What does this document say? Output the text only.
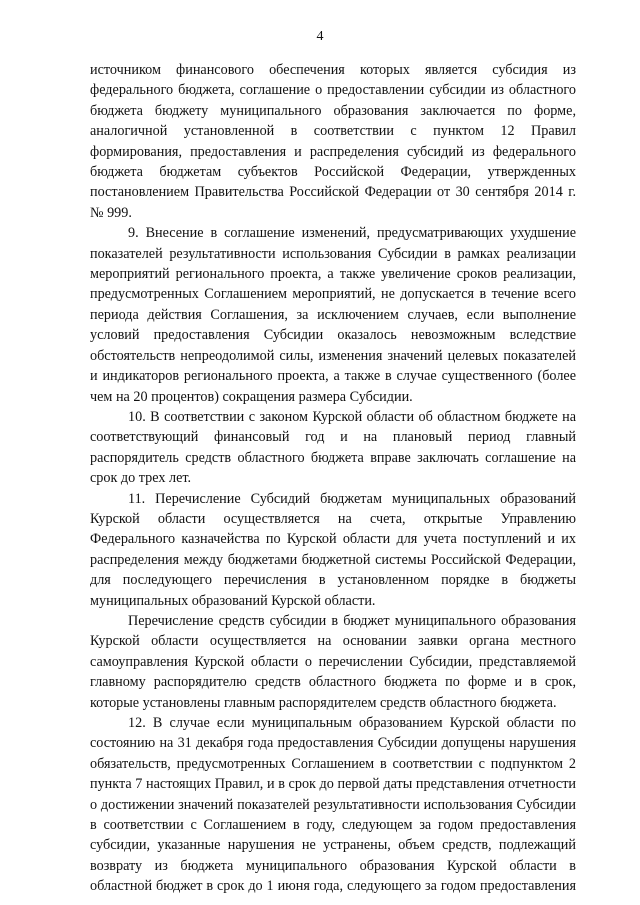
4

источником финансового обеспечения которых является субсидия из федерального бюджета, соглашение о предоставлении субсидии из областного бюджета бюджету муниципального образования заключается по форме, аналогичной установленной в соответствии с пунктом 12 Правил формирования, предоставления и распределения субсидий из федерального бюджета бюджетам субъектов Российской Федерации, утвержденных постановлением Правительства Российской Федерации от 30 сентября 2014 г. № 999.

9. Внесение в соглашение изменений, предусматривающих ухудшение показателей результативности использования Субсидии в рамках реализации мероприятий регионального проекта, а также увеличение сроков реализации, предусмотренных Соглашением мероприятий, не допускается в течение всего периода действия Соглашения, за исключением случаев, если выполнение условий предоставления Субсидии оказалось невозможным вследствие обстоятельств непреодолимой силы, изменения значений целевых показателей и индикаторов регионального проекта, а также в случае существенного (более чем на 20 процентов) сокращения размера Субсидии.

10. В соответствии с законом Курской области об областном бюджете на соответствующий финансовый год и на плановый период главный распорядитель средств областного бюджета вправе заключать соглашение на срок до трех лет.

11. Перечисление Субсидий бюджетам муниципальных образований Курской области осуществляется на счета, открытые Управлению Федерального казначейства по Курской области для учета поступлений и их распределения между бюджетами бюджетной системы Российской Федерации, для последующего перечисления в установленном порядке в бюджеты муниципальных образований Курской области.

Перечисление средств субсидии в бюджет муниципального образования Курской области осуществляется на основании заявки органа местного самоуправления Курской области о перечислении Субсидии, представляемой главному распорядителю средств областного бюджета по форме и в срок, которые установлены главным распорядителем средств областного бюджета.

12. В случае если муниципальным образованием Курской области по состоянию на 31 декабря года предоставления Субсидии допущены нарушения обязательств, предусмотренных Соглашением в соответствии с подпунктом 2 пункта 7 настоящих Правил, и в срок до первой даты представления отчетности о достижении значений показателей результативности использования Субсидии в соответствии с Соглашением в году, следующем за годом предоставления субсидии, указанные нарушения не устранены, объем средств, подлежащий возврату из бюджета муниципального образования Курской области в областной бюджет в срок до 1 июня года, следующего за годом предоставления
